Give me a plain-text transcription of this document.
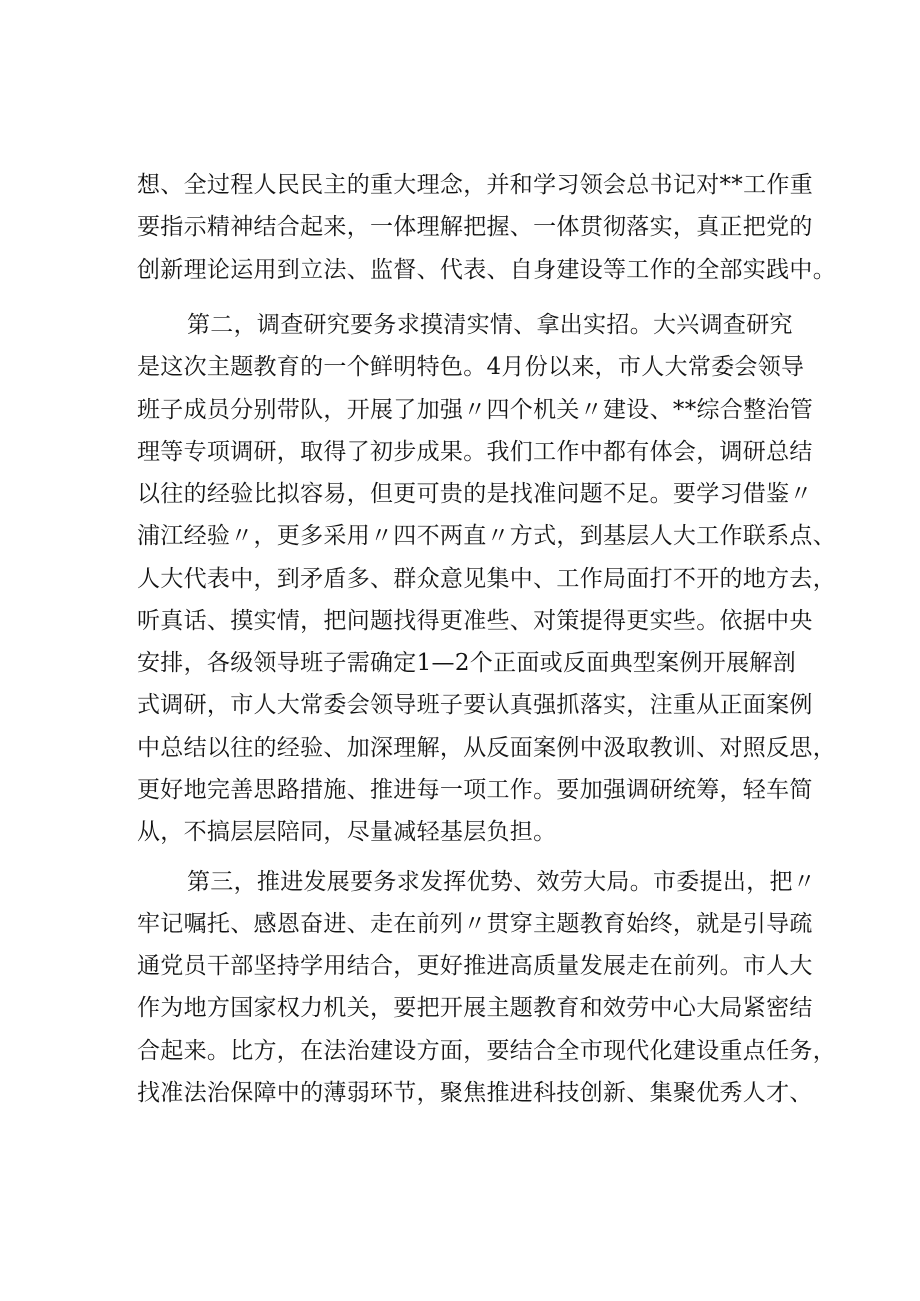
想、全过程人民民主的重大理念，并和学习领会总书记对**工作重
要指示精神结合起来，一体理解把握、一体贯彻落实，真正把党的
创新理论运用到立法、监督、代表、自身建设等工作的全部实践中。
第二，调查研究要务求摸清实情、拿出实招。大兴调查研究
是这次主题教育的一个鲜明特色。4月份以来，市人大常委会领导
班子成员分别带队，开展了加强〃四个机关〃建设、**综合整治管
理等专项调研，取得了初步成果。我们工作中都有体会，调研总结
以往的经验比拟容易，但更可贵的是找准问题不足。要学习借鉴〃
浦江经验〃，更多采用〃四不两直〃方式，到基层人大工作联系点、
人大代表中，到矛盾多、群众意见集中、工作局面打不开的地方去，
听真话、摸实情，把问题找得更准些、对策提得更实些。依据中央
安排，各级领导班子需确定1—2个正面或反面典型案例开展解剖
式调研，市人大常委会领导班子要认真强抓落实，注重从正面案例
中总结以往的经验、加深理解，从反面案例中汲取教训、对照反思，
更好地完善思路措施、推进每一项工作。要加强调研统筹，轻车简
从，不搞层层陪同，尽量减轻基层负担。
第三，推进发展要务求发挥优势、效劳大局。市委提出，把〃
牢记嘱托、感恩奋进、走在前列〃贯穿主题教育始终，就是引导疏
通党员干部坚持学用结合，更好推进高质量发展走在前列。市人大
作为地方国家权力机关，要把开展主题教育和效劳中心大局紧密结
合起来。比方，在法治建设方面，要结合全市现代化建设重点任务，
找准法治保障中的薄弱环节，聚焦推进科技创新、集聚优秀人才、
